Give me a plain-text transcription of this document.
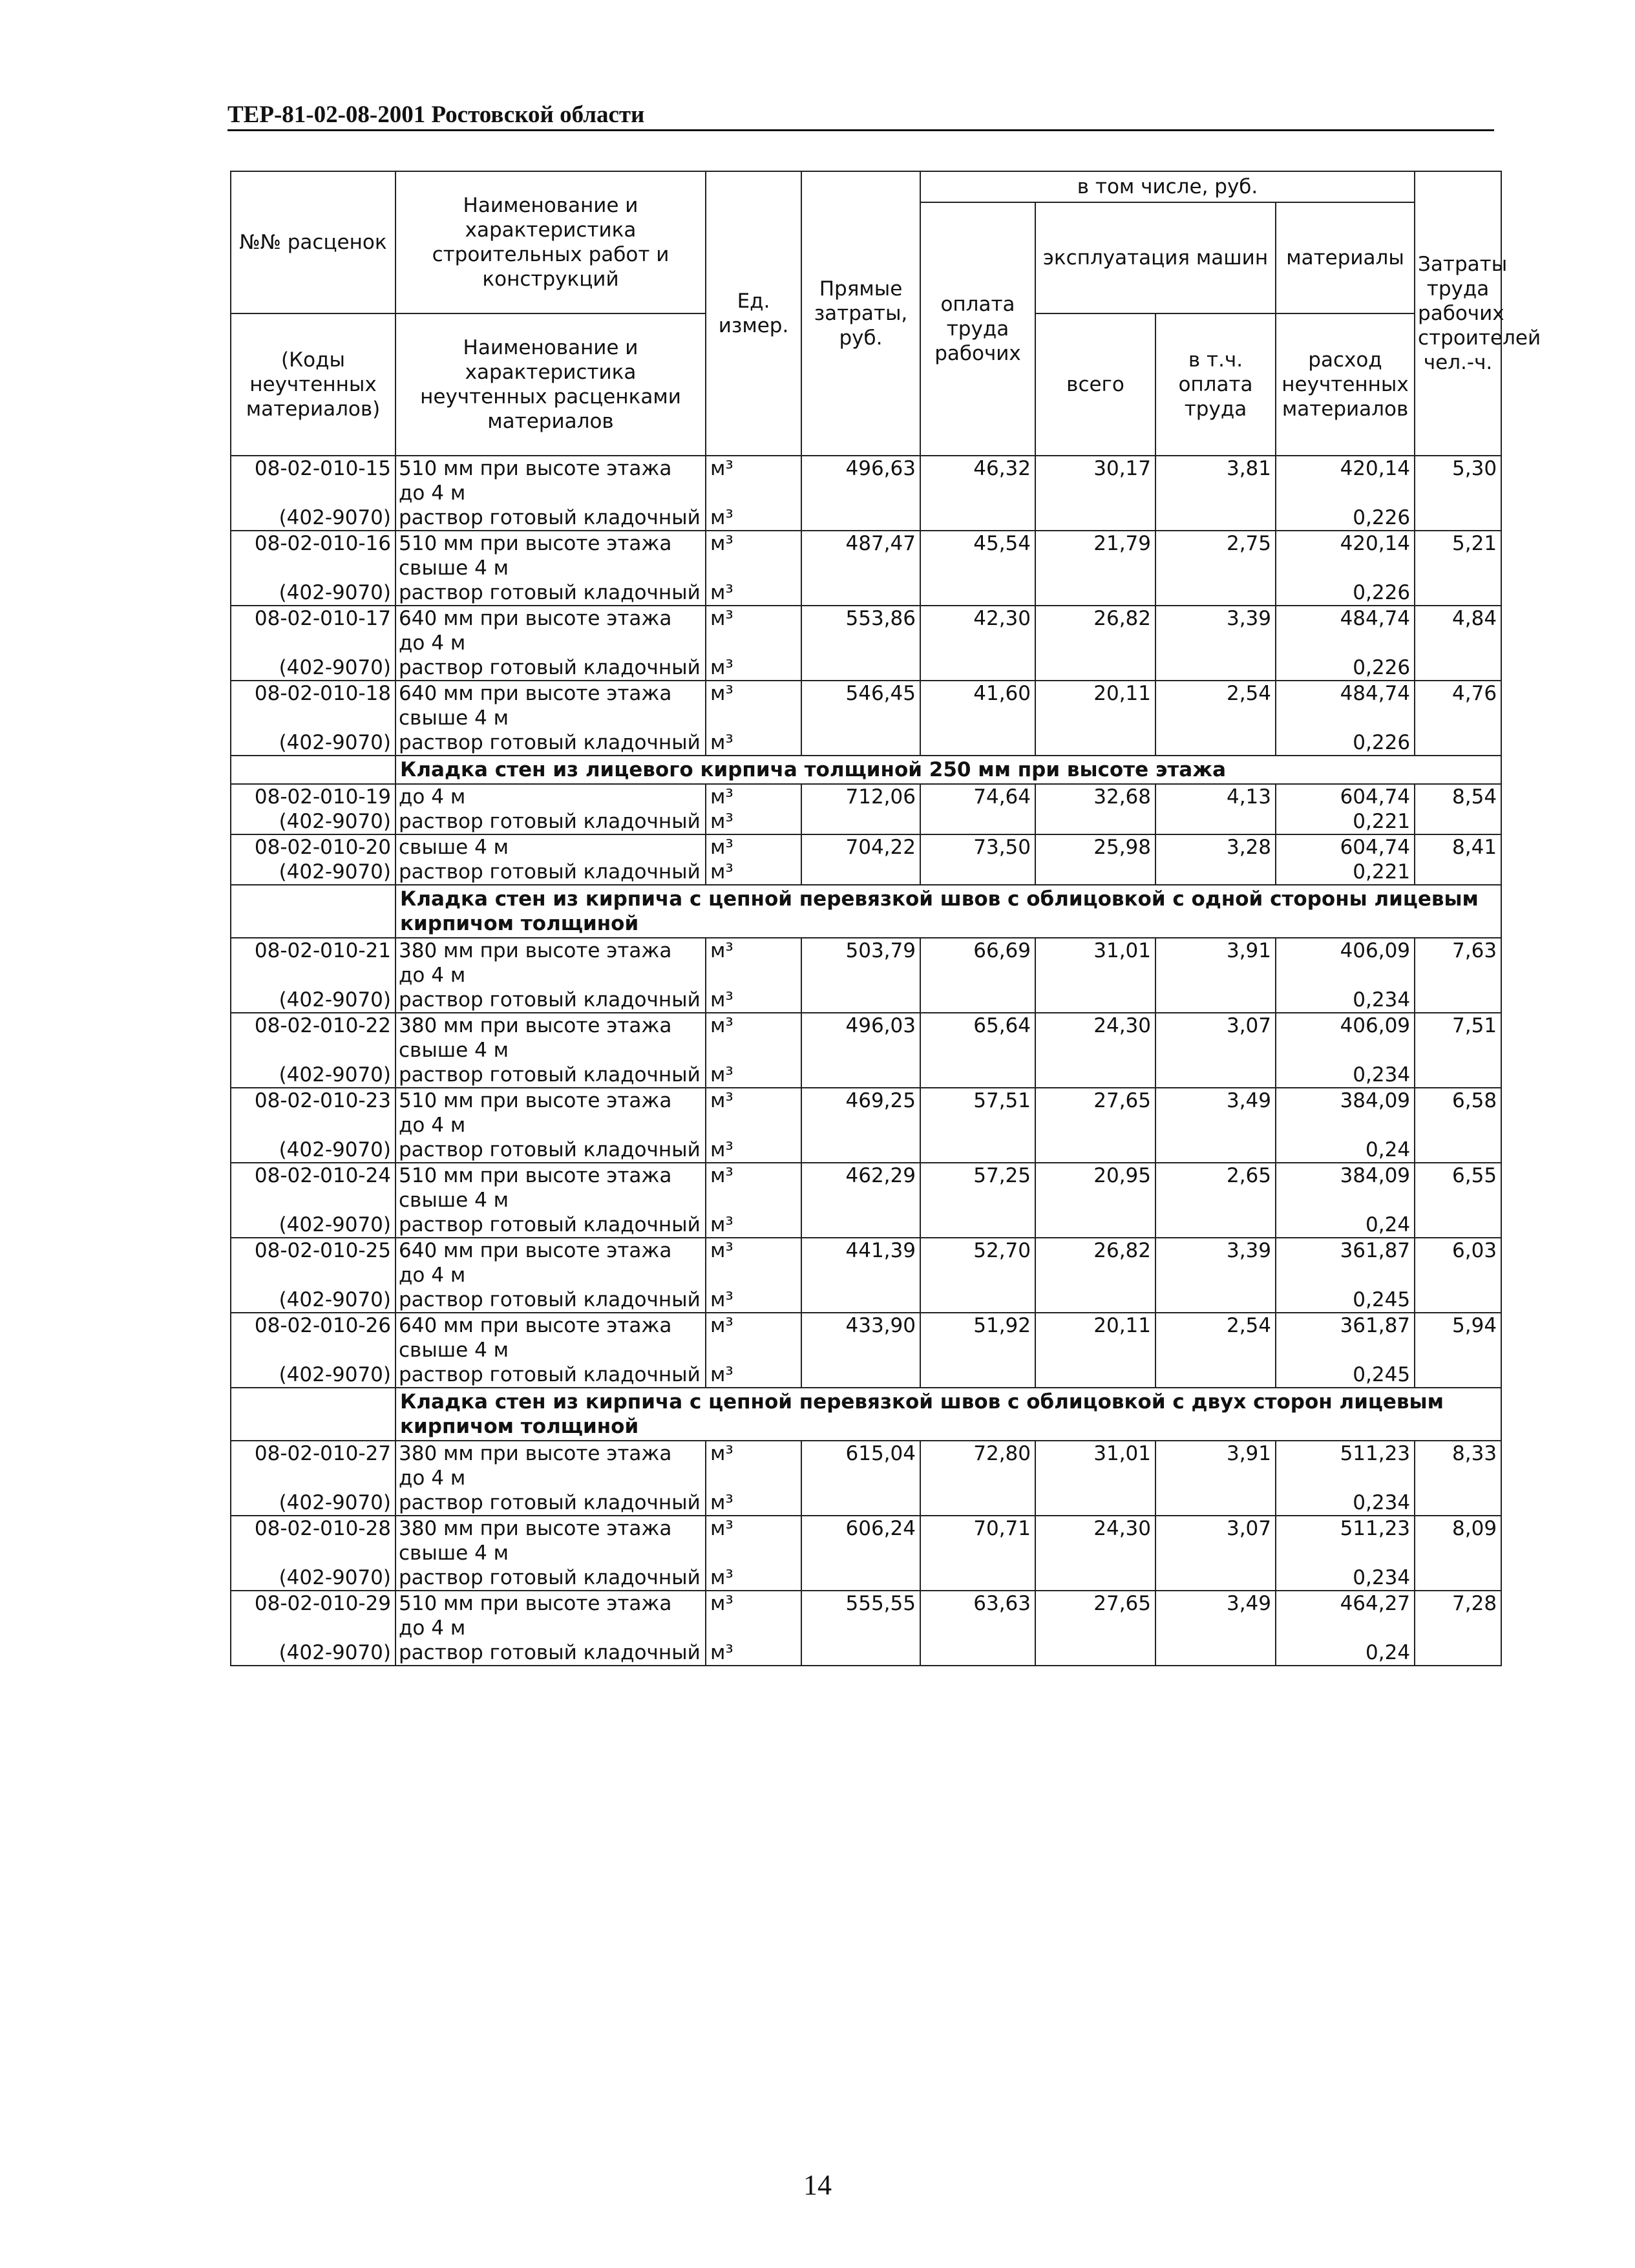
ТЕР-81-02-08-2001 Ростовской области
№№ расценок	Наименование и характеристика строительных работ и конструкций	Ед. измер.	Прямые затраты, руб.	в том числе, руб.				Затраты труда рабочих строителей чел.-ч.
				оплата труда рабочих	эксплуатация машин		материалы	
(Коды неучтенных материалов)	Наименование и характеристика неучтенных расценками материалов				всего	в т.ч. оплата труда	расход неучтенных материалов	
08-02-010-15	510 мм при высоте этажа до 4 м	м³	496,63	46,32	30,17	3,81	420,14	5,30
(402-9070)	раствор готовый кладочный	м³					0,226	
08-02-010-16	510 мм при высоте этажа свыше 4 м	м³	487,47	45,54	21,79	2,75	420,14	5,21
(402-9070)	раствор готовый кладочный	м³					0,226	
08-02-010-17	640 мм при высоте этажа до 4 м	м³	553,86	42,30	26,82	3,39	484,74	4,84
(402-9070)	раствор готовый кладочный	м³					0,226	
08-02-010-18	640 мм при высоте этажа свыше 4 м	м³	546,45	41,60	20,11	2,54	484,74	4,76
(402-9070)	раствор готовый кладочный	м³					0,226	
	Кладка стен из лицевого кирпича толщиной 250 мм при высоте этажа							
08-02-010-19	до 4 м	м³	712,06	74,64	32,68	4,13	604,74	8,54
(402-9070)	раствор готовый кладочный	м³					0,221	
08-02-010-20	свыше 4 м	м³	704,22	73,50	25,98	3,28	604,74	8,41
(402-9070)	раствор готовый кладочный	м³					0,221	
	Кладка стен из кирпича с цепной перевязкой швов с облицовкой с одной стороны лицевым кирпичом толщиной							
08-02-010-21	380 мм при высоте этажа до 4 м	м³	503,79	66,69	31,01	3,91	406,09	7,63
(402-9070)	раствор готовый кладочный	м³					0,234	
08-02-010-22	380 мм при высоте этажа свыше 4 м	м³	496,03	65,64	24,30	3,07	406,09	7,51
(402-9070)	раствор готовый кладочный	м³					0,234	
08-02-010-23	510 мм при высоте этажа до 4 м	м³	469,25	57,51	27,65	3,49	384,09	6,58
(402-9070)	раствор готовый кладочный	м³					0,24	
08-02-010-24	510 мм при высоте этажа свыше 4 м	м³	462,29	57,25	20,95	2,65	384,09	6,55
(402-9070)	раствор готовый кладочный	м³					0,24	
08-02-010-25	640 мм при высоте этажа до 4 м	м³	441,39	52,70	26,82	3,39	361,87	6,03
(402-9070)	раствор готовый кладочный	м³					0,245	
08-02-010-26	640 мм при высоте этажа свыше 4 м	м³	433,90	51,92	20,11	2,54	361,87	5,94
(402-9070)	раствор готовый кладочный	м³					0,245	
	Кладка стен из кирпича с цепной перевязкой швов с облицовкой с двух сторон лицевым кирпичом толщиной							
08-02-010-27	380 мм при высоте этажа до 4 м	м³	615,04	72,80	31,01	3,91	511,23	8,33
(402-9070)	раствор готовый кладочный	м³					0,234	
08-02-010-28	380 мм при высоте этажа свыше 4 м	м³	606,24	70,71	24,30	3,07	511,23	8,09
(402-9070)	раствор готовый кладочный	м³					0,234	
08-02-010-29	510 мм при высоте этажа до 4 м	м³	555,55	63,63	27,65	3,49	464,27	7,28
(402-9070)	раствор готовый кладочный	м³					0,24	
14
